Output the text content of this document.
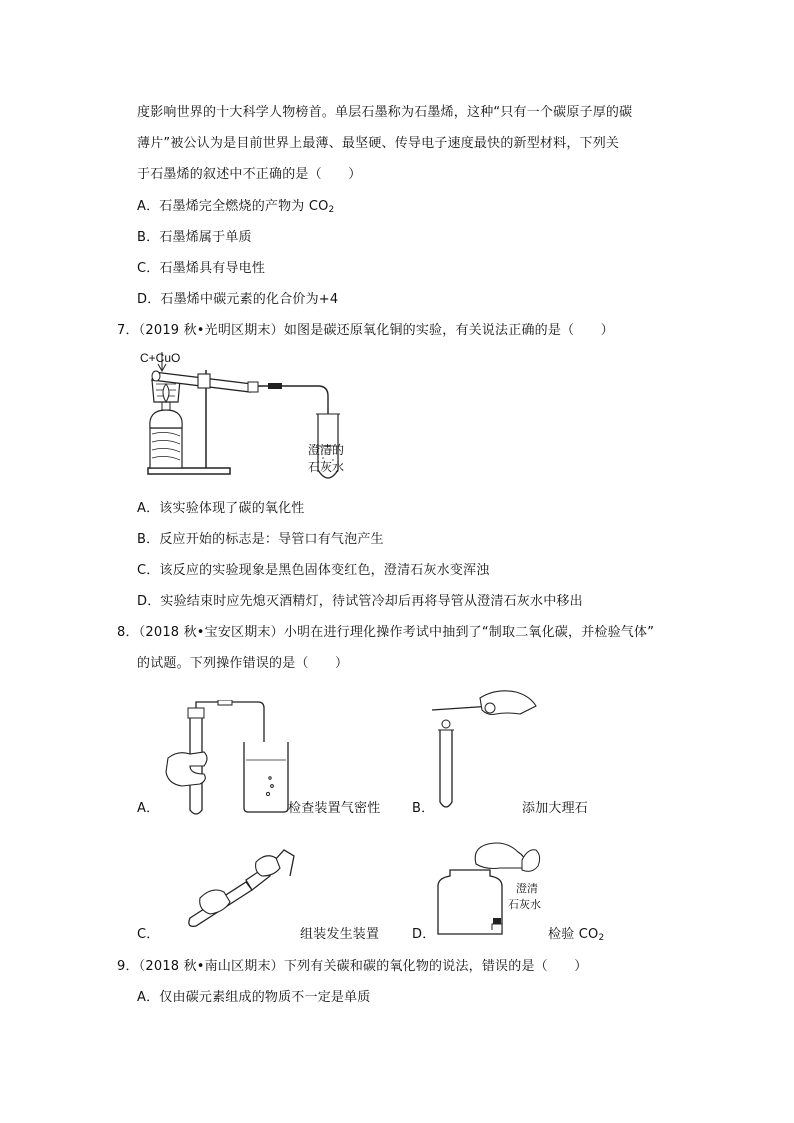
度影响世界的十大科学人物榜首。单层石墨称为石墨烯，这种“只有一个碳原子厚的碳
薄片”被公认为是目前世界上最薄、最坚硬、传导电子速度最快的新型材料，下列关
于石墨烯的叙述中不正确的是（　　）
A．石墨烯完全燃烧的产物为 $CO_2$
B．石墨烯属于单质
C．石墨烯具有导电性
D．石墨烯中碳元素的化合价为+4
7．（2019 秋•光明区期末）如图是碳还原氧化铜的实验，有关说法正确的是（　　）
C+CuO
澄清的
石灰水
A．该实验体现了碳的氧化性
B．反应开始的标志是：导管口有气泡产生
C．该反应的实验现象是黑色固体变红色，澄清石灰水变浑浊
D．实验结束时应先熄灭酒精灯，待试管冷却后再将导管从澄清石灰水中移出
8．（2018 秋•宝安区期末）小明在进行理化操作考试中抽到了“制取二氧化碳，并检验气体”
的试题。下列操作错误的是（　　）
A．	检查装置气密性 B．	添加大理石
C．	组装发生装置
澄清
石灰水
D．	检验 $CO_2$
9．（2018 秋•南山区期末）下列有关碳和碳的氧化物的说法，错误的是（　　）
A．仅由碳元素组成的物质不一定是单质
